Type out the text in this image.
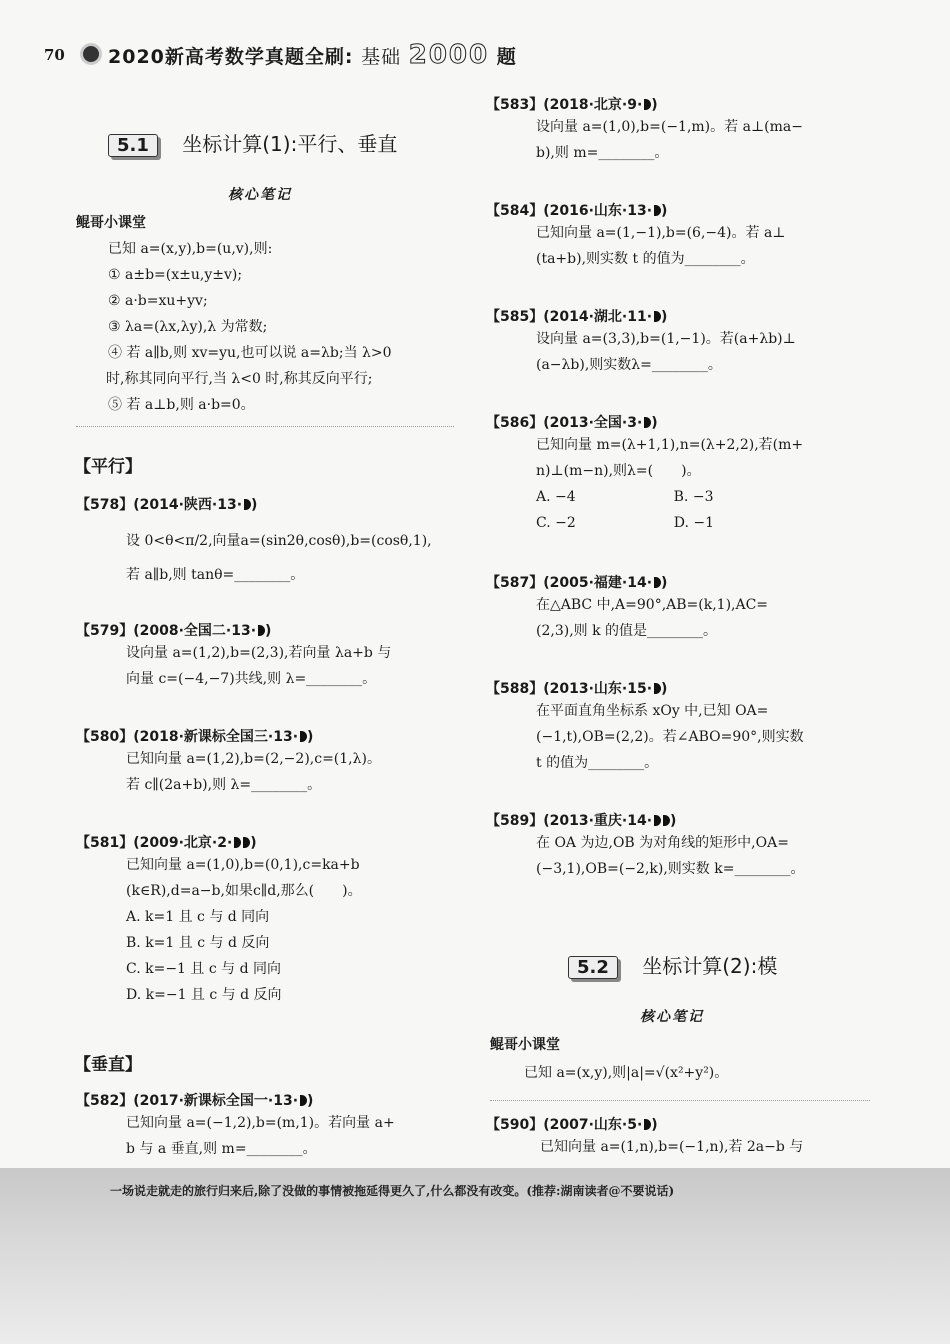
70 2020新高考数学真题全刷: 基础 2000 题
5.1 坐标计算(1):平行、垂直
核心笔记
鲲哥小课堂
已知 a=(x,y),b=(u,v),则:
① a±b=(x±u,y±v);
② a·b=xu+yv;
③ λa=(λx,λy),λ 为常数;
④ 若 a∥b,则 xv=yu,也可以说 a=λb;当 λ>0
时,称其同向平行,当 λ<0 时,称其反向平行;
⑤ 若 a⊥b,则 a·b=0。
【平行】
【578】(2014·陕西·13· )
设 0<θ<π/2,向量a=(sin2θ,cosθ),b=(cosθ,1),
若 a∥b,则 tanθ=________。
【579】(2008·全国二·13· )
设向量 a=(1,2),b=(2,3),若向量 λa+b 与
向量 c=(−4,−7)共线,则 λ=________。
【580】(2018·新课标全国三·13· )
已知向量 a=(1,2),b=(2,−2),c=(1,λ)。
若 c∥(2a+b),则 λ=________。
【581】(2009·北京·2· )
已知向量 a=(1,0),b=(0,1),c=ka+b
(k∈R),d=a−b,如果c∥d,那么(　　)。
A. k=1 且 c 与 d 同向
B. k=1 且 c 与 d 反向
C. k=−1 且 c 与 d 同向
D. k=−1 且 c 与 d 反向
【垂直】
【582】(2017·新课标全国一·13· )
已知向量 a=(−1,2),b=(m,1)。若向量 a+
b 与 a 垂直,则 m=________。
【583】(2018·北京·9· )
设向量 a=(1,0),b=(−1,m)。若 a⊥(ma−
b),则 m=________。
【584】(2016·山东·13· )
已知向量 a=(1,−1),b=(6,−4)。若 a⊥
(ta+b),则实数 t 的值为________。
【585】(2014·湖北·11· )
设向量 a=(3,3),b=(1,−1)。若(a+λb)⊥
(a−λb),则实数λ=________。
【586】(2013·全国·3· )
已知向量 m=(λ+1,1),n=(λ+2,2),若(m+
n)⊥(m−n),则λ=(　　)。
A. −4　　　　　　　B. −3
C. −2　　　　　　　D. −1
【587】(2005·福建·14· )
在△ABC 中,A=90°,AB=(k,1),AC=
(2,3),则 k 的值是________。
【588】(2013·山东·15· )
在平面直角坐标系 xOy 中,已知 OA=
(−1,t),OB=(2,2)。若∠ABO=90°,则实数
t 的值为________。
【589】(2013·重庆·14· )
在 OA 为边,OB 为对角线的矩形中,OA=
(−3,1),OB=(−2,k),则实数 k=________。
5.2 坐标计算(2):模
核心笔记
鲲哥小课堂
已知 a=(x,y),则|a|=√(x²+y²)。
【590】(2007·山东·5· )
已知向量 a=(1,n),b=(−1,n),若 2a−b 与
一场说走就走的旅行归来后,除了没做的事情被拖延得更久了,什么都没有改变。(推荐:湖南读者@不要说话)
